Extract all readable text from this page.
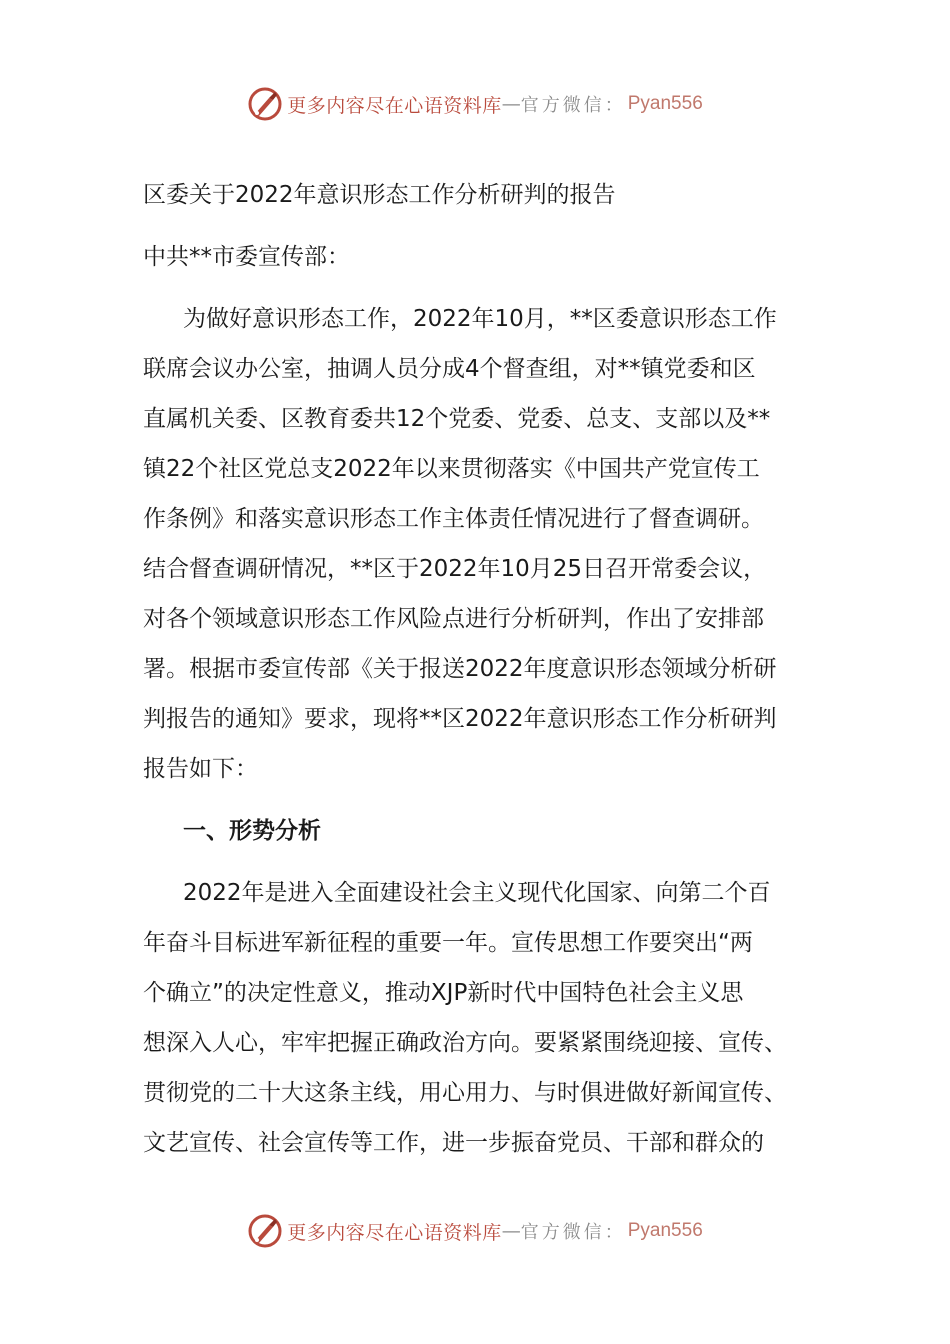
更多内容尽在心语资料库 — 官方微信： Pyan556
区委关于2022年意识形态工作分析研判的报告
中共**市委宣传部：
为做好意识形态工作，2022年10月，**区委意识形态工作
联席会议办公室，抽调人员分成4个督查组，对**镇党委和区
直属机关委、区教育委共12个党委、党委、总支、支部以及**
镇22个社区党总支2022年以来贯彻落实《中国共产党宣传工
作条例》和落实意识形态工作主体责任情况进行了督查调研。
结合督查调研情况，**区于2022年10月25日召开常委会议，
对各个领域意识形态工作风险点进行分析研判，作出了安排部
署。根据市委宣传部《关于报送2022年度意识形态领域分析研
判报告的通知》要求，现将**区2022年意识形态工作分析研判
报告如下：
一、形势分析
2022年是进入全面建设社会主义现代化国家、向第二个百
年奋斗目标进军新征程的重要一年。宣传思想工作要突出“两
个确立”的决定性意义，推动XJP新时代中国特色社会主义思
想深入人心，牢牢把握正确政治方向。要紧紧围绕迎接、宣传、
贯彻党的二十大这条主线，用心用力、与时俱进做好新闻宣传、
文艺宣传、社会宣传等工作，进一步振奋党员、干部和群众的
更多内容尽在心语资料库 — 官方微信： Pyan556
